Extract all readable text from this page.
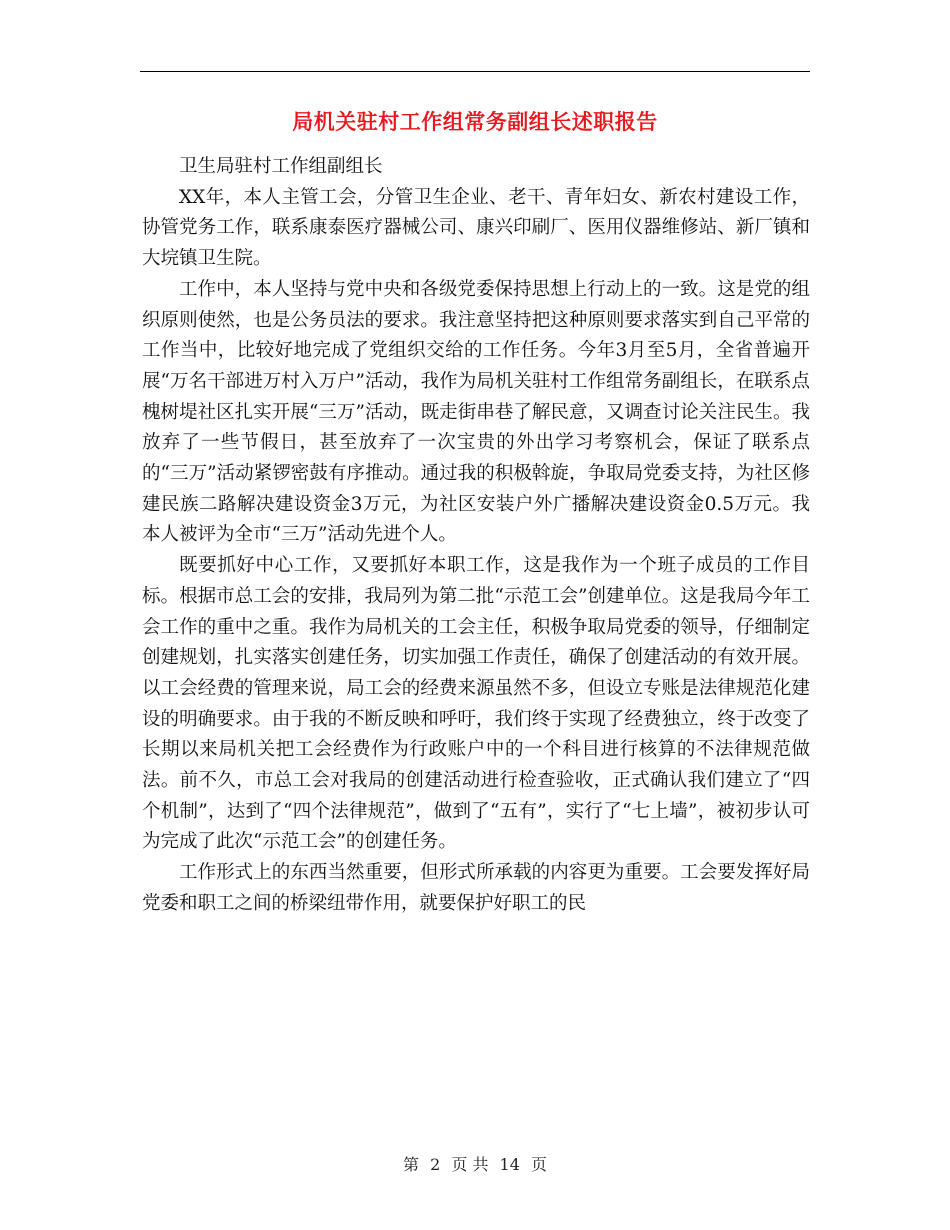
局机关驻村工作组常务副组长述职报告

卫生局驻村工作组副组长

XX年，本人主管工会，分管卫生企业、老干、青年妇女、新农村建设工作，协管党务工作，联系康泰医疗器械公司、康兴印刷厂、医用仪器维修站、新厂镇和大垸镇卫生院。

工作中，本人坚持与党中央和各级党委保持思想上行动上的一致。这是党的组织原则使然，也是公务员法的要求。我注意坚持把这种原则要求落实到自己平常的工作当中，比较好地完成了党组织交给的工作任务。今年3月至5月，全省普遍开展“万名干部进万村入万户”活动，我作为局机关驻村工作组常务副组长，在联系点槐树堤社区扎实开展“三万”活动，既走街串巷了解民意，又调查讨论关注民生。我放弃了一些节假日，甚至放弃了一次宝贵的外出学习考察机会，保证了联系点的“三万”活动紧锣密鼓有序推动。通过我的积极斡旋，争取局党委支持，为社区修建民族二路解决建设资金3万元，为社区安装户外广播解决建设资金0.5万元。我本人被评为全市“三万”活动先进个人。

既要抓好中心工作，又要抓好本职工作，这是我作为一个班子成员的工作目标。根据市总工会的安排，我局列为第二批“示范工会”创建单位。这是我局今年工会工作的重中之重。我作为局机关的工会主任，积极争取局党委的领导，仔细制定创建规划，扎实落实创建任务，切实加强工作责任，确保了创建活动的有效开展。以工会经费的管理来说，局工会的经费来源虽然不多，但设立专账是法律规范化建设的明确要求。由于我的不断反映和呼吁，我们终于实现了经费独立，终于改变了长期以来局机关把工会经费作为行政账户中的一个科目进行核算的不法律规范做法。前不久，市总工会对我局的创建活动进行检查验收，正式确认我们建立了“四个机制”，达到了“四个法律规范”，做到了“五有”，实行了“七上墙”，被初步认可为完成了此次“示范工会”的创建任务。

工作形式上的东西当然重要，但形式所承载的内容更为重要。工会要发挥好局党委和职工之间的桥梁纽带作用，就要保护好职工的民

第 2 页 共 14 页
